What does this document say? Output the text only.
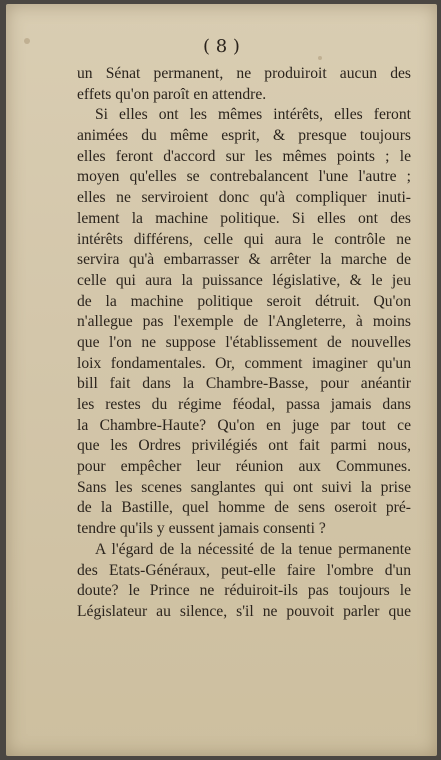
( 8 )
un Sénat permanent, ne produiroit aucun des
effets qu'on paroît en attendre.
Si elles ont les mêmes intérêts, elles feront
animées du même esprit, & presque toujours
elles feront d'accord sur les mêmes points ; le
moyen qu'elles se contrebalancent l'une l'autre ;
elles ne serviroient donc qu'à compliquer inuti-
lement la machine politique. Si elles ont des
intérêts différens, celle qui aura le contrôle ne
servira qu'à embarrasser & arrêter la marche de
celle qui aura la puissance législative, & le jeu
de la machine politique seroit détruit. Qu'on
n'allegue pas l'exemple de l'Angleterre, à moins
que l'on ne suppose l'établissement de nouvelles
loix fondamentales. Or, comment imaginer qu'un
bill fait dans la Chambre-Basse, pour anéantir
les restes du régime féodal, passa jamais dans
la Chambre-Haute? Qu'on en juge par tout ce
que les Ordres privilégiés ont fait parmi nous,
pour empêcher leur réunion aux Communes.
Sans les scenes sanglantes qui ont suivi la prise
de la Bastille, quel homme de sens oseroit pré-
tendre qu'ils y eussent jamais consenti ?
A l'égard de la nécessité de la tenue permanente
des Etats-Généraux, peut-elle faire l'ombre d'un
doute? le Prince ne réduiroit-ils pas toujours le
Législateur au silence, s'il ne pouvoit parler que
